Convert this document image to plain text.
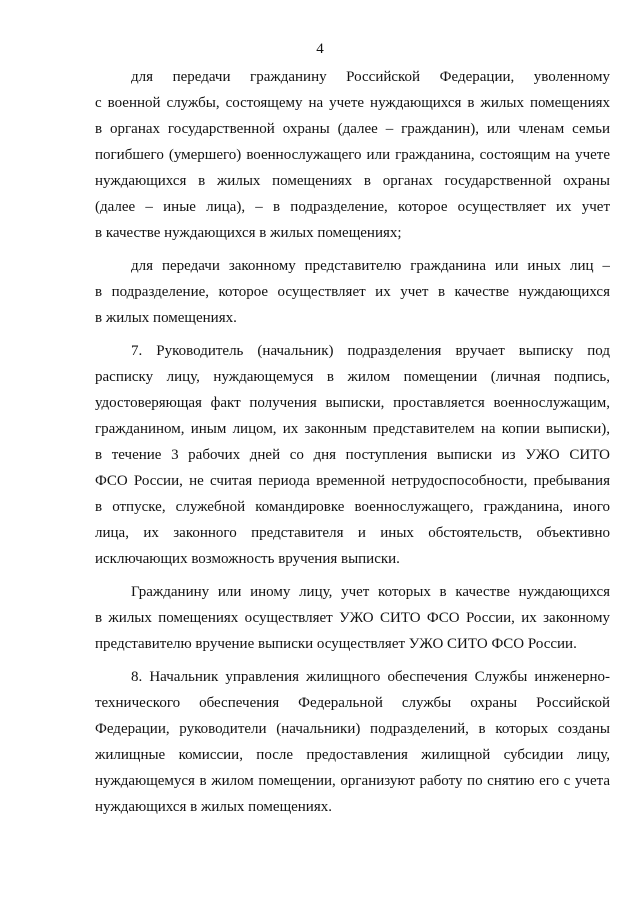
4
для передачи гражданину Российской Федерации, уволенному
с военной службы, состоящему на учете нуждающихся в жилых помещениях
в органах государственной охраны (далее – гражданин), или членам семьи
погибшего (умершего) военнослужащего или гражданина, состоящим на учете
нуждающихся в жилых помещениях в органах государственной охраны
(далее – иные лица), – в подразделение, которое осуществляет их учет
в качестве нуждающихся в жилых помещениях;
для передачи законному представителю гражданина или иных лиц –
в подразделение, которое осуществляет их учет в качестве нуждающихся
в жилых помещениях.
7. Руководитель (начальник) подразделения вручает выписку под
расписку лицу, нуждающемуся в жилом помещении (личная подпись,
удостоверяющая факт получения выписки, проставляется военнослужащим,
гражданином, иным лицом, их законным представителем на копии выписки),
в течение 3 рабочих дней со дня поступления выписки из УЖО СИТО
ФСО России, не считая периода временной нетрудоспособности, пребывания
в отпуске, служебной командировке военнослужащего, гражданина, иного
лица, их законного представителя и иных обстоятельств, объективно
исключающих возможность вручения выписки.
Гражданину или иному лицу, учет которых в качестве нуждающихся
в жилых помещениях осуществляет УЖО СИТО ФСО России, их законному
представителю вручение выписки осуществляет УЖО СИТО ФСО России.
8. Начальник управления жилищного обеспечения Службы инженерно-
технического обеспечения Федеральной службы охраны Российской
Федерации, руководители (начальники) подразделений, в которых созданы
жилищные комиссии, после предоставления жилищной субсидии лицу,
нуждающемуся в жилом помещении, организуют работу по снятию его с учета
нуждающихся в жилых помещениях.
